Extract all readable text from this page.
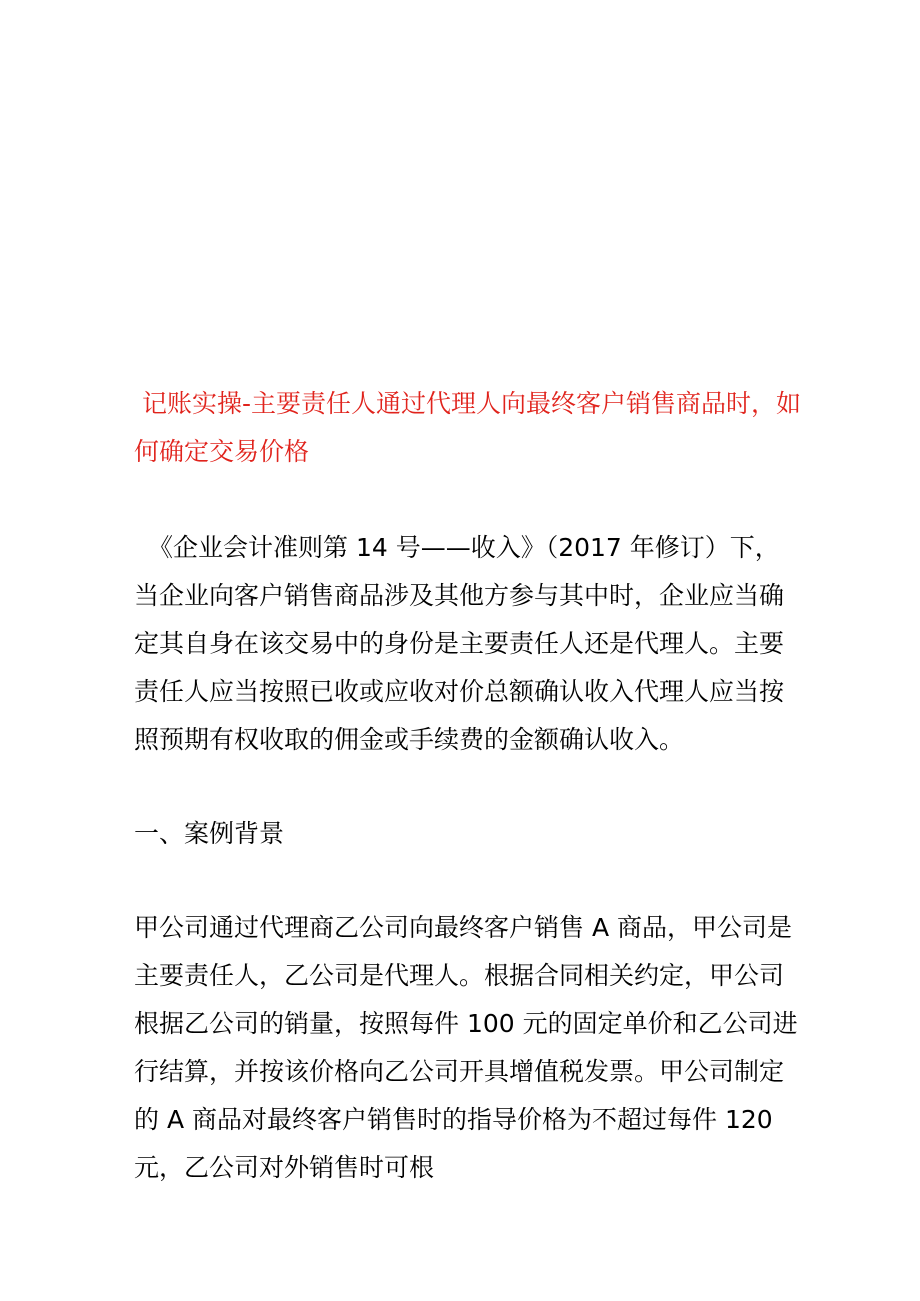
记账实操-主要责任人通过代理人向最终客户销售商品时，如何确定交易价格

《企业会计准则第 14 号——收入》（2017 年修订）下，当企业向客户销售商品涉及其他方参与其中时，企业应当确定其自身在该交易中的身份是主要责任人还是代理人。主要责任人应当按照已收或应收对价总额确认收入代理人应当按照预期有权收取的佣金或手续费的金额确认收入。

一、案例背景

甲公司通过代理商乙公司向最终客户销售 A 商品，甲公司是主要责任人，乙公司是代理人。根据合同相关约定，甲公司根据乙公司的销量，按照每件 100 元的固定单价和乙公司进行结算，并按该价格向乙公司开具增值税发票。甲公司制定的 A 商品对最终客户销售时的指导价格为不超过每件 120 元，乙公司对外销售时可根
